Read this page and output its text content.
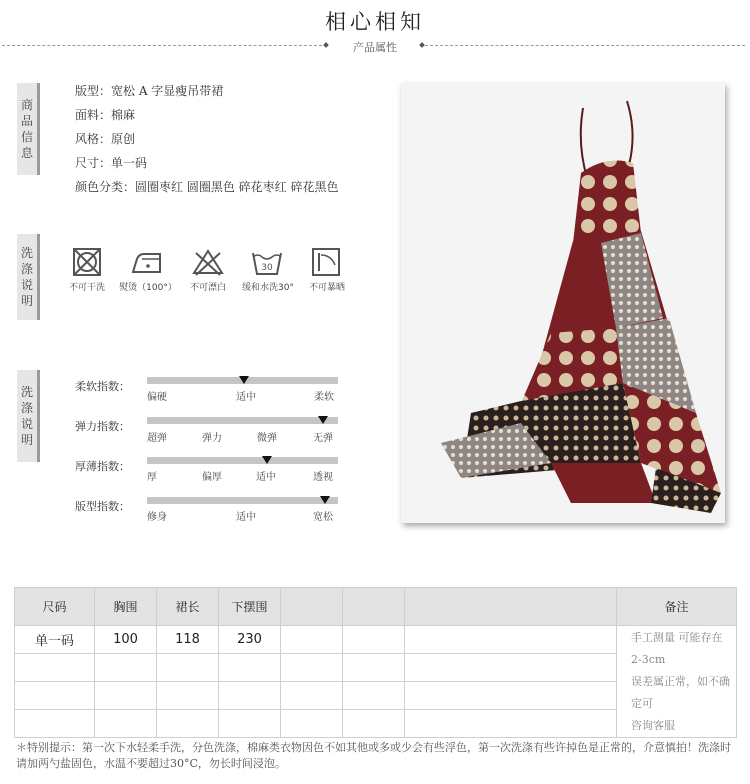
相心相知
产品属性
商
品
信
息
版型：宽松 A 字显瘦吊带裙
面料：棉麻
风格：原创
尺寸：单一码
颜色分类：圆圈枣红 圆圈黑色 碎花枣红 碎花黑色
洗
涤
说
明
30
不可干洗	熨烫（100°）	不可漂白	缓和水洗30°	不可暴晒
洗
涤
说
明
柔软指数：
偏硬	适中	柔软
弹力指数：
超弹	弹力	微弹	无弹
厚薄指数：
厚	偏厚	适中	透视
版型指数：
修身	适中	宽松
尺码	胸围	裙长	下摆围				备注
单一码	100	118	230				手工测量 可能存在 2-3cm
误差属正常，如不确定可
咨询客服

＊特别提示：第一次下水轻柔手洗，分色洗涤，棉麻类衣物因色不如其他或多或少会有些浮色，第一次洗涤有些许掉色是正常的，介意慎拍！洗涤时请加两勺盐固色，水温不要超过30°C，勿长时间浸泡。
